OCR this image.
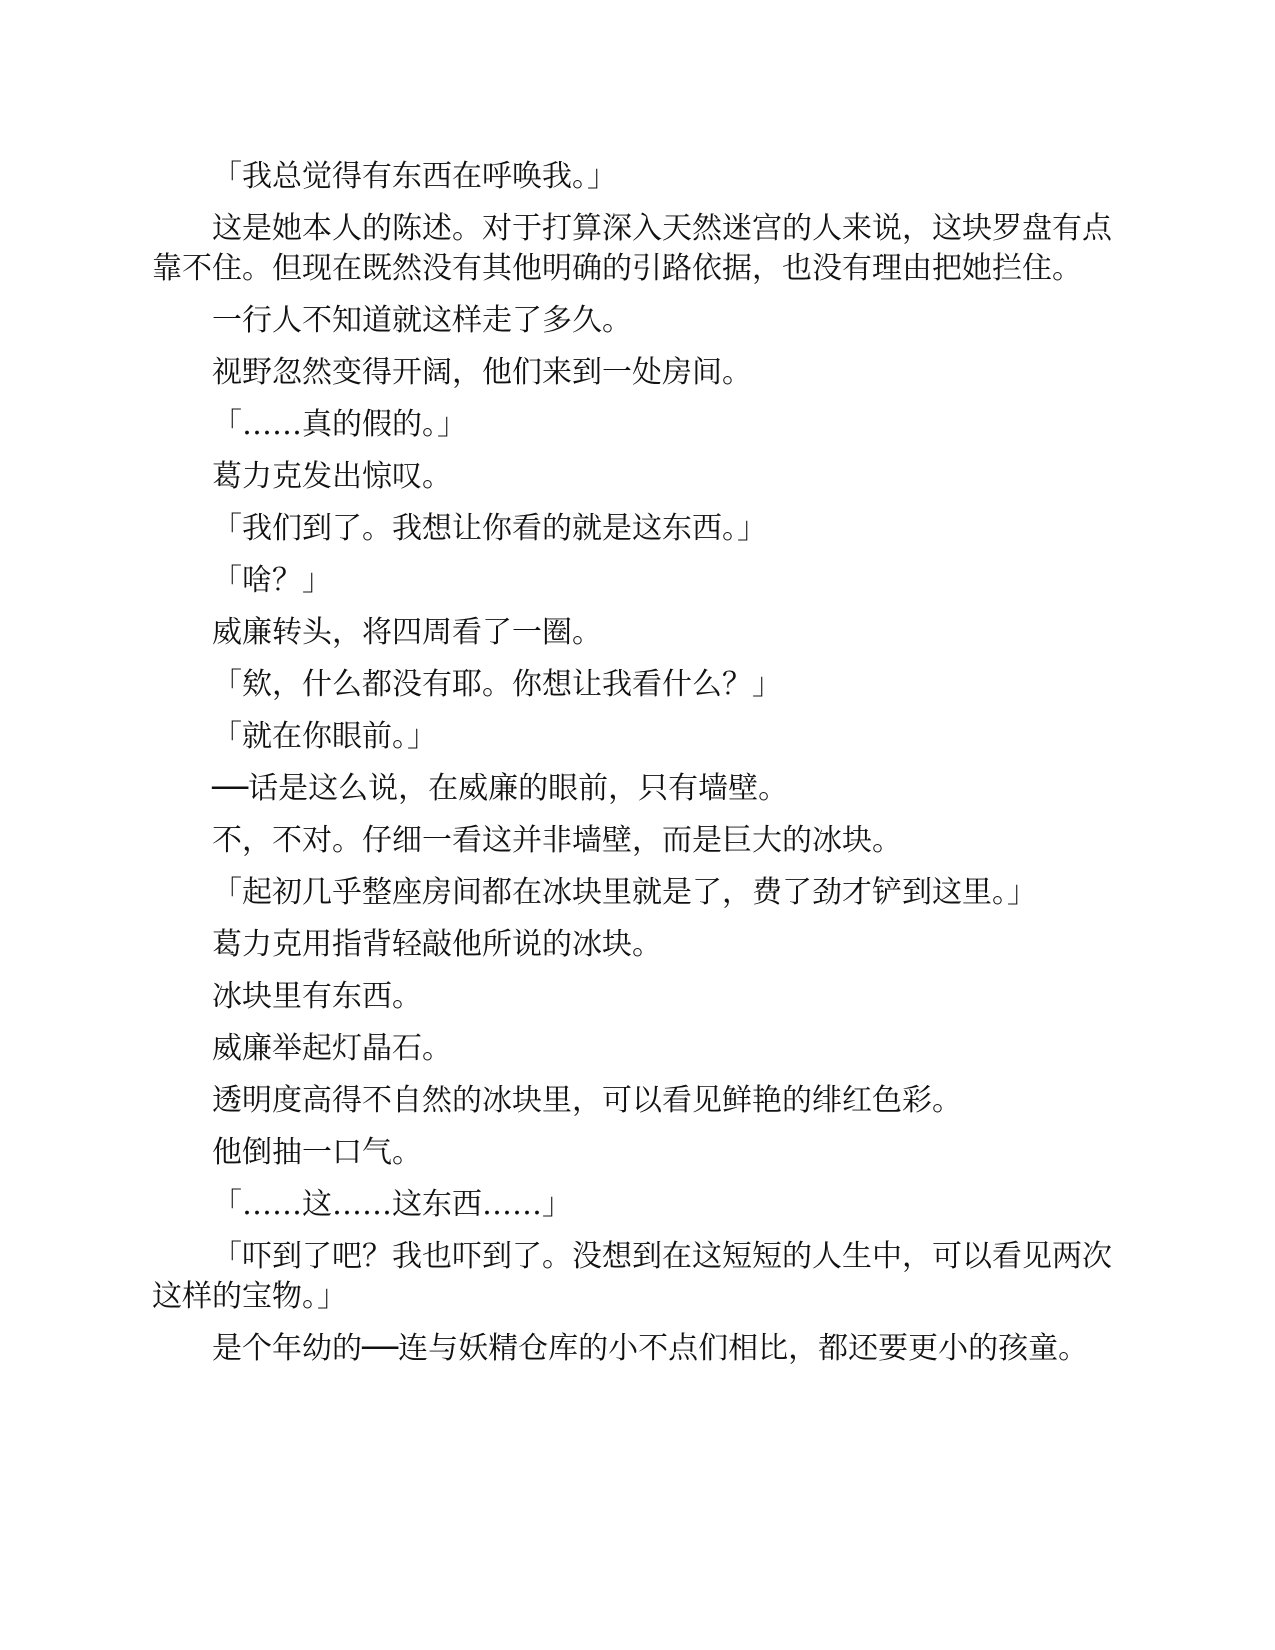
「我总觉得有东西在呼唤我。」

这是她本人的陈述。对于打算深入天然迷宫的人来说，这块罗盘有点靠不住。但现在既然没有其他明确的引路依据，也没有理由把她拦住。

一行人不知道就这样走了多久。

视野忽然变得开阔，他们来到一处房间。

「……真的假的。」

葛力克发出惊叹。

「我们到了。我想让你看的就是这东西。」

「啥？」

威廉转头，将四周看了一圈。

「欸，什么都没有耶。你想让我看什么？」

「就在你眼前。」

──话是这么说，在威廉的眼前，只有墙壁。

不，不对。仔细一看这并非墙壁，而是巨大的冰块。

「起初几乎整座房间都在冰块里就是了，费了劲才铲到这里。」

葛力克用指背轻敲他所说的冰块。

冰块里有东西。

威廉举起灯晶石。

透明度高得不自然的冰块里，可以看见鲜艳的绯红色彩。

他倒抽一口气。

「……这……这东西……」

「吓到了吧？我也吓到了。没想到在这短短的人生中，可以看见两次这样的宝物。」

是个年幼的──连与妖精仓库的小不点们相比，都还要更小的孩童。
